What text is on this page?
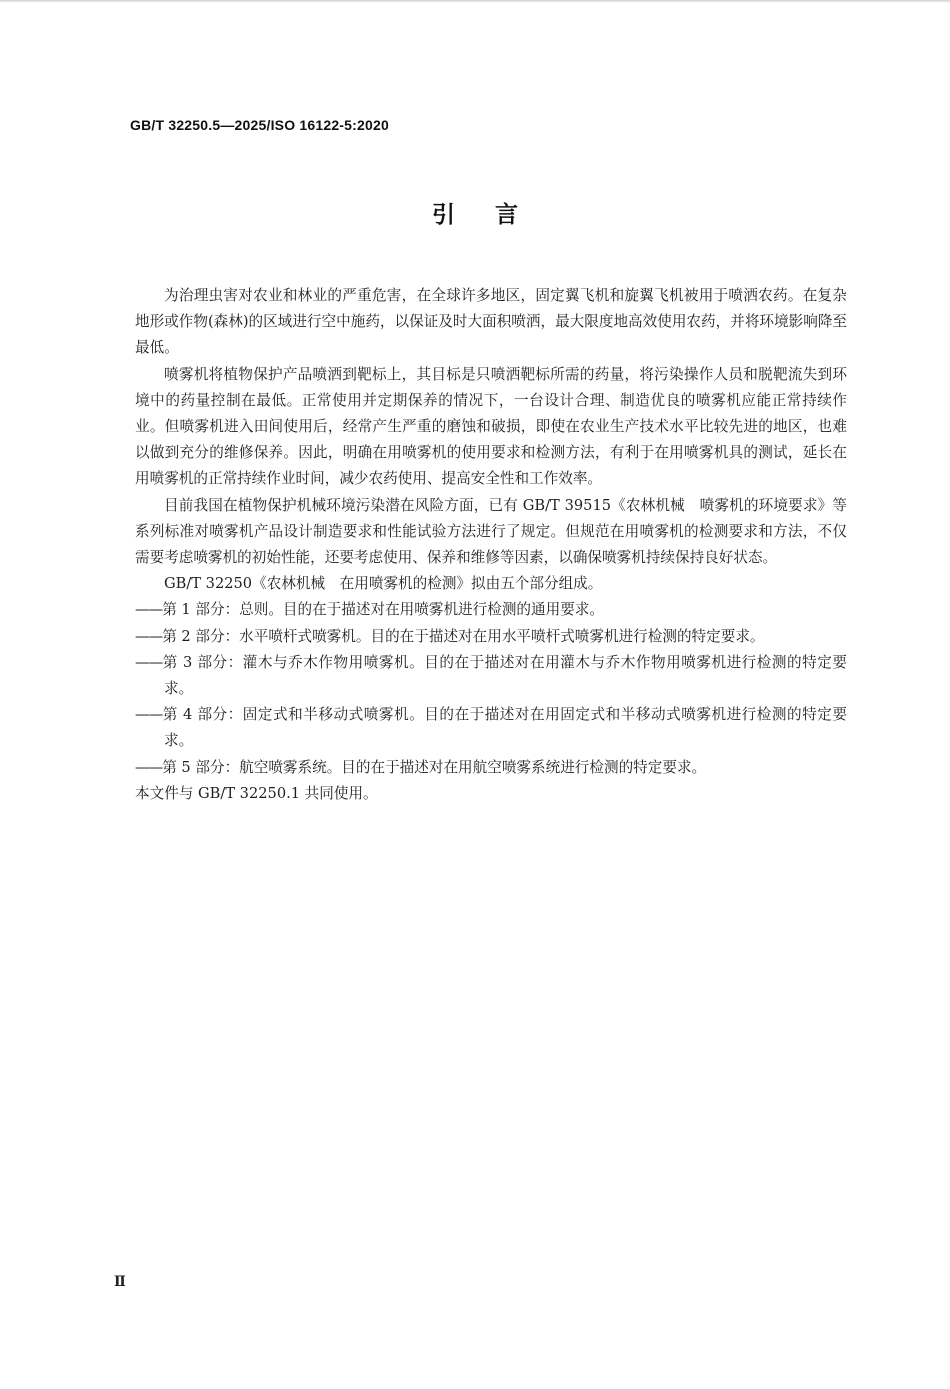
GB/T 32250.5—2025/ISO 16122-5:2020
引言

为治理虫害对农业和林业的严重危害，在全球许多地区，固定翼飞机和旋翼飞机被用于喷洒农药。在复杂地形或作物(森林)的区域进行空中施药，以保证及时大面积喷洒，最大限度地高效使用农药，并将环境影响降至最低。

喷雾机将植物保护产品喷洒到靶标上，其目标是只喷洒靶标所需的药量，将污染操作人员和脱靶流失到环境中的药量控制在最低。正常使用并定期保养的情况下，一台设计合理、制造优良的喷雾机应能正常持续作业。但喷雾机进入田间使用后，经常产生严重的磨蚀和破损，即使在农业生产技术水平比较先进的地区，也难以做到充分的维修保养。因此，明确在用喷雾机的使用要求和检测方法，有利于在用喷雾机具的测试，延长在用喷雾机的正常持续作业时间，减少农药使用、提高安全性和工作效率。

目前我国在植物保护机械环境污染潜在风险方面，已有 GB/T 39515《农林机械　喷雾机的环境要求》等系列标准对喷雾机产品设计制造要求和性能试验方法进行了规定。但规范在用喷雾机的检测要求和方法，不仅需要考虑喷雾机的初始性能，还要考虑使用、保养和维修等因素，以确保喷雾机持续保持良好状态。

GB/T 32250《农林机械　在用喷雾机的检测》拟由五个部分组成。

——第 1 部分：总则。目的在于描述对在用喷雾机进行检测的通用要求。

——第 2 部分：水平喷杆式喷雾机。目的在于描述对在用水平喷杆式喷雾机进行检测的特定要求。

——第 3 部分：灌木与乔木作物用喷雾机。目的在于描述对在用灌木与乔木作物用喷雾机进行检测的特定要求。

——第 4 部分：固定式和半移动式喷雾机。目的在于描述对在用固定式和半移动式喷雾机进行检测的特定要求。

——第 5 部分：航空喷雾系统。目的在于描述对在用航空喷雾系统进行检测的特定要求。

本文件与 GB/T 32250.1 共同使用。

Ⅱ
